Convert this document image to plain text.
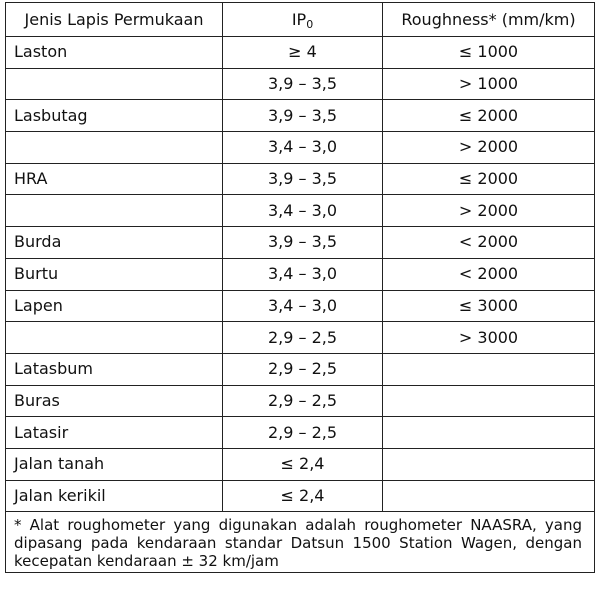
Jenis Lapis Permukaan	$IP_0$	Roughness* (mm/km)
Laston	≥ 4	≤ 1000
	3,9 – 3,5	> 1000
Lasbutag	3,9 – 3,5	≤ 2000
	3,4 – 3,0	> 2000
HRA	3,9 – 3,5	≤ 2000
	3,4 – 3,0	> 2000
Burda	3,9 – 3,5	< 2000
Burtu	3,4 – 3,0	< 2000
Lapen	3,4 – 3,0	≤ 3000
	2,9 – 2,5	> 3000
Latasbum	2,9 – 2,5	
Buras	2,9 – 2,5	
Latasir	2,9 – 2,5	
Jalan tanah	≤ 2,4	
Jalan kerikil	≤ 2,4	

* Alat roughometer yang digunakan adalah roughometer NAASRA, yang dipasang pada kendaraan standar Datsun 1500 Station Wagen, dengan kecepatan kendaraan ± 32 km/jam		
